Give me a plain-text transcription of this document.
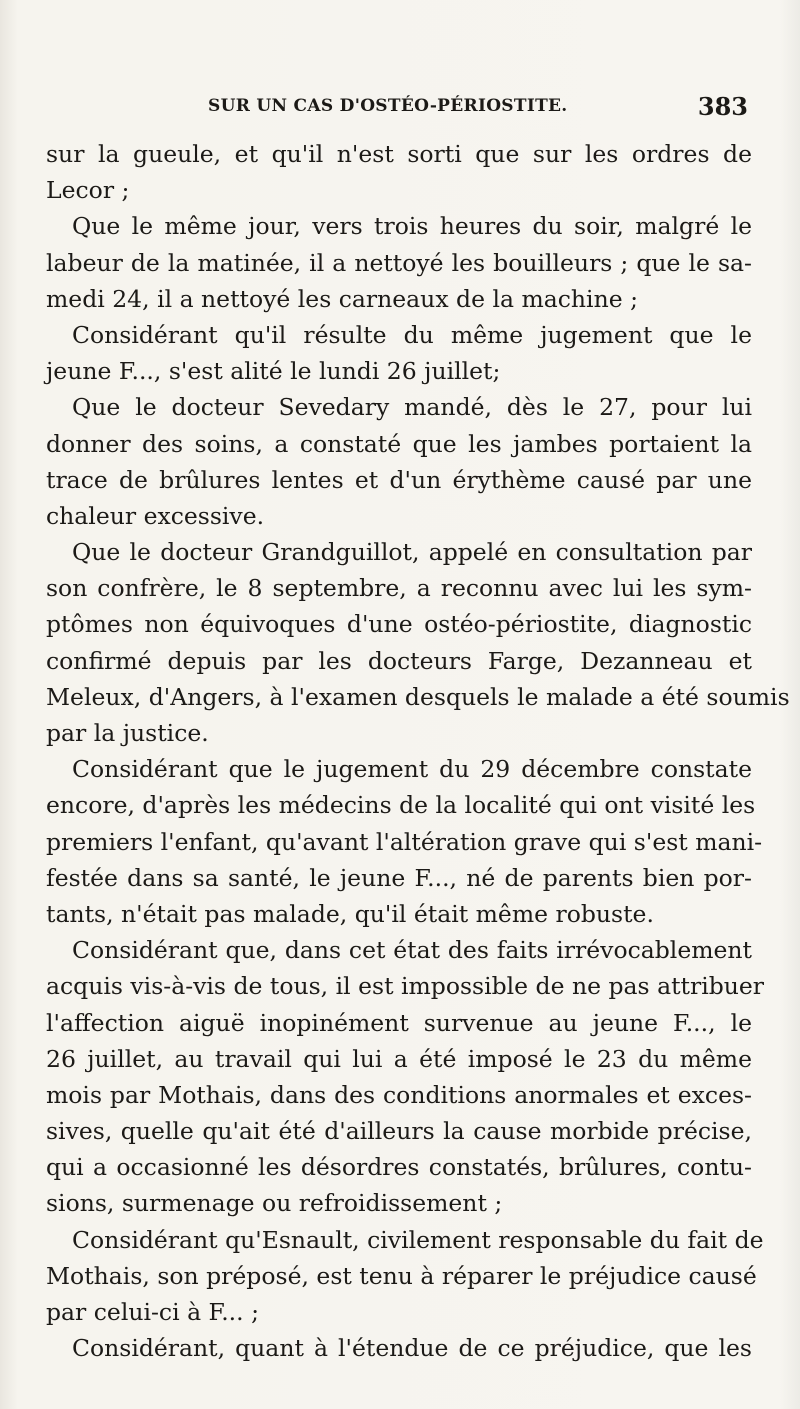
SUR UN CAS D'OSTÉO-PÉRIOSTITE.	383
sur la gueule, et qu'il n'est sorti que sur les ordres de
Lecor ;
Que le même jour, vers trois heures du soir, malgré le
labeur de la matinée, il a nettoyé les bouilleurs ; que le sa-
medi 24, il a nettoyé les carneaux de la machine ;
Considérant qu'il résulte du même jugement que le
jeune F..., s'est alité le lundi 26 juillet;
Que le docteur Sevedary mandé, dès le 27, pour lui
donner des soins, a constaté que les jambes portaient la
trace de brûlures lentes et d'un érythème causé par une
chaleur excessive.
Que le docteur Grandguillot, appelé en consultation par
son confrère, le 8 septembre, a reconnu avec lui les sym-
ptômes non équivoques d'une ostéo-périostite, diagnostic
confirmé depuis par les docteurs Farge, Dezanneau et
Meleux, d'Angers, à l'examen desquels le malade a été soumis
par la justice.
Considérant que le jugement du 29 décembre constate
encore, d'après les médecins de la localité qui ont visité les
premiers l'enfant, qu'avant l'altération grave qui s'est mani-
festée dans sa santé, le jeune F..., né de parents bien por-
tants, n'était pas malade, qu'il était même robuste.
Considérant que, dans cet état des faits irrévocablement
acquis vis-à-vis de tous, il est impossible de ne pas attribuer
l'affection aiguë inopinément survenue au jeune F..., le
26 juillet, au travail qui lui a été imposé le 23 du même
mois par Mothais, dans des conditions anormales et exces-
sives, quelle qu'ait été d'ailleurs la cause morbide précise,
qui a occasionné les désordres constatés, brûlures, contu-
sions, surmenage ou refroidissement ;
Considérant qu'Esnault, civilement responsable du fait de
Mothais, son préposé, est tenu à réparer le préjudice causé
par celui-ci à F... ;
Considérant, quant à l'étendue de ce préjudice, que les
